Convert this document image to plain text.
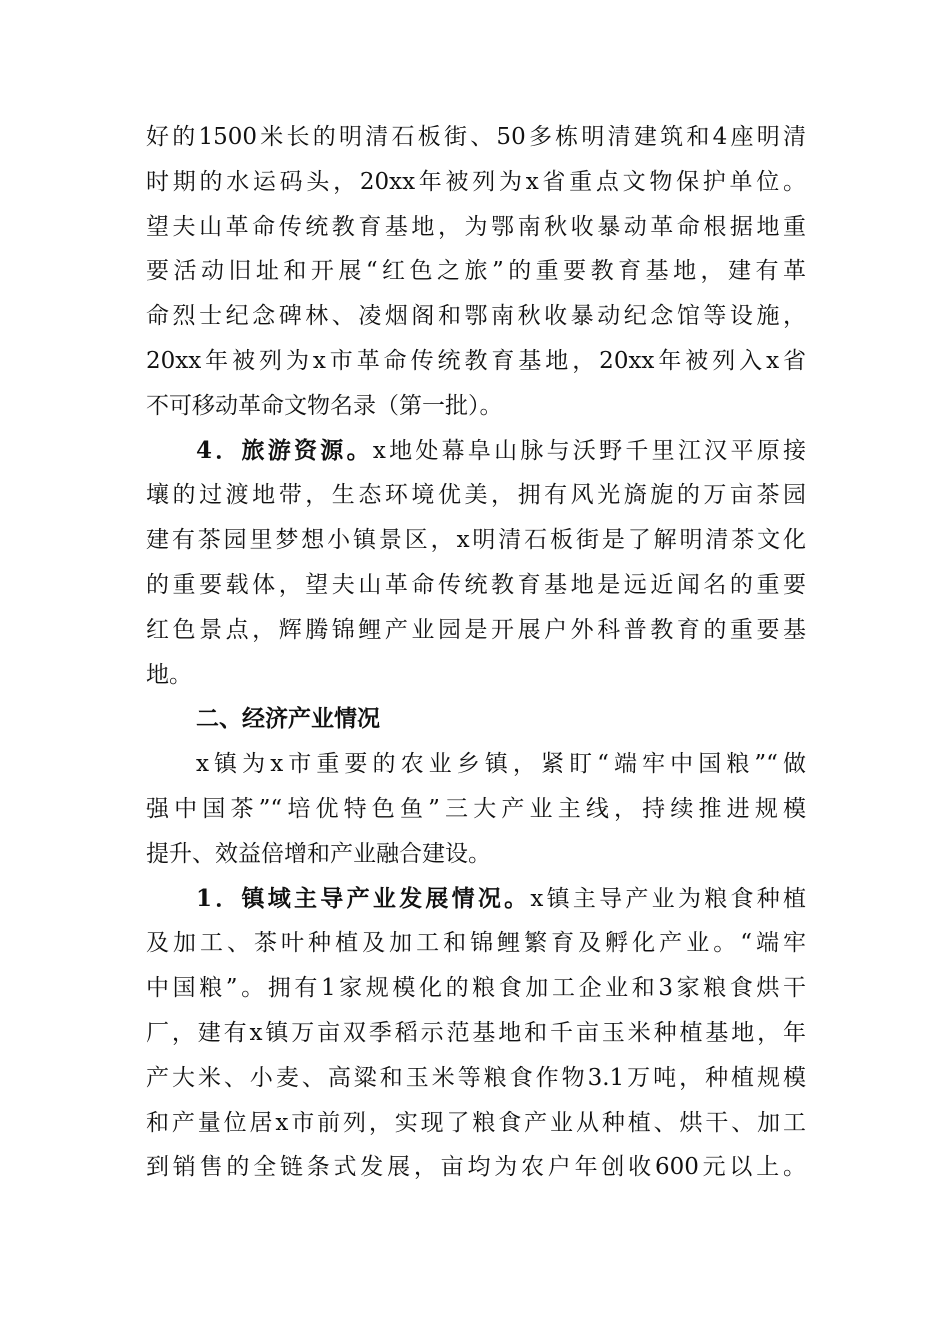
好的1500米长的明清石板街、50多栋明清建筑和4座明清
时期的水运码头，20xx年被列为x省重点文物保护单位。
望夫山革命传统教育基地，为鄂南秋收暴动革命根据地重
要活动旧址和开展“红色之旅”的重要教育基地，建有革
命烈士纪念碑林、凌烟阁和鄂南秋收暴动纪念馆等设施，
20xx年被列为x市革命传统教育基地，20xx年被列入x省
不可移动革命文物名录（第一批）。
4．旅游资源。x地处幕阜山脉与沃野千里江汉平原接
壤的过渡地带，生态环境优美，拥有风光旖旎的万亩茶园
建有茶园里梦想小镇景区，x明清石板街是了解明清茶文化
的重要载体，望夫山革命传统教育基地是远近闻名的重要
红色景点，辉腾锦鲤产业园是开展户外科普教育的重要基
地。
二、经济产业情况
x镇为x市重要的农业乡镇，紧盯“端牢中国粮”“做
强中国茶”“培优特色鱼”三大产业主线，持续推进规模
提升、效益倍增和产业融合建设。
1．镇域主导产业发展情况。x镇主导产业为粮食种植
及加工、茶叶种植及加工和锦鲤繁育及孵化产业。“端牢
中国粮”。拥有1家规模化的粮食加工企业和3家粮食烘干
厂，建有x镇万亩双季稻示范基地和千亩玉米种植基地，年
产大米、小麦、高粱和玉米等粮食作物3.1万吨，种植规模
和产量位居x市前列，实现了粮食产业从种植、烘干、加工
到销售的全链条式发展，亩均为农户年创收600元以上。
